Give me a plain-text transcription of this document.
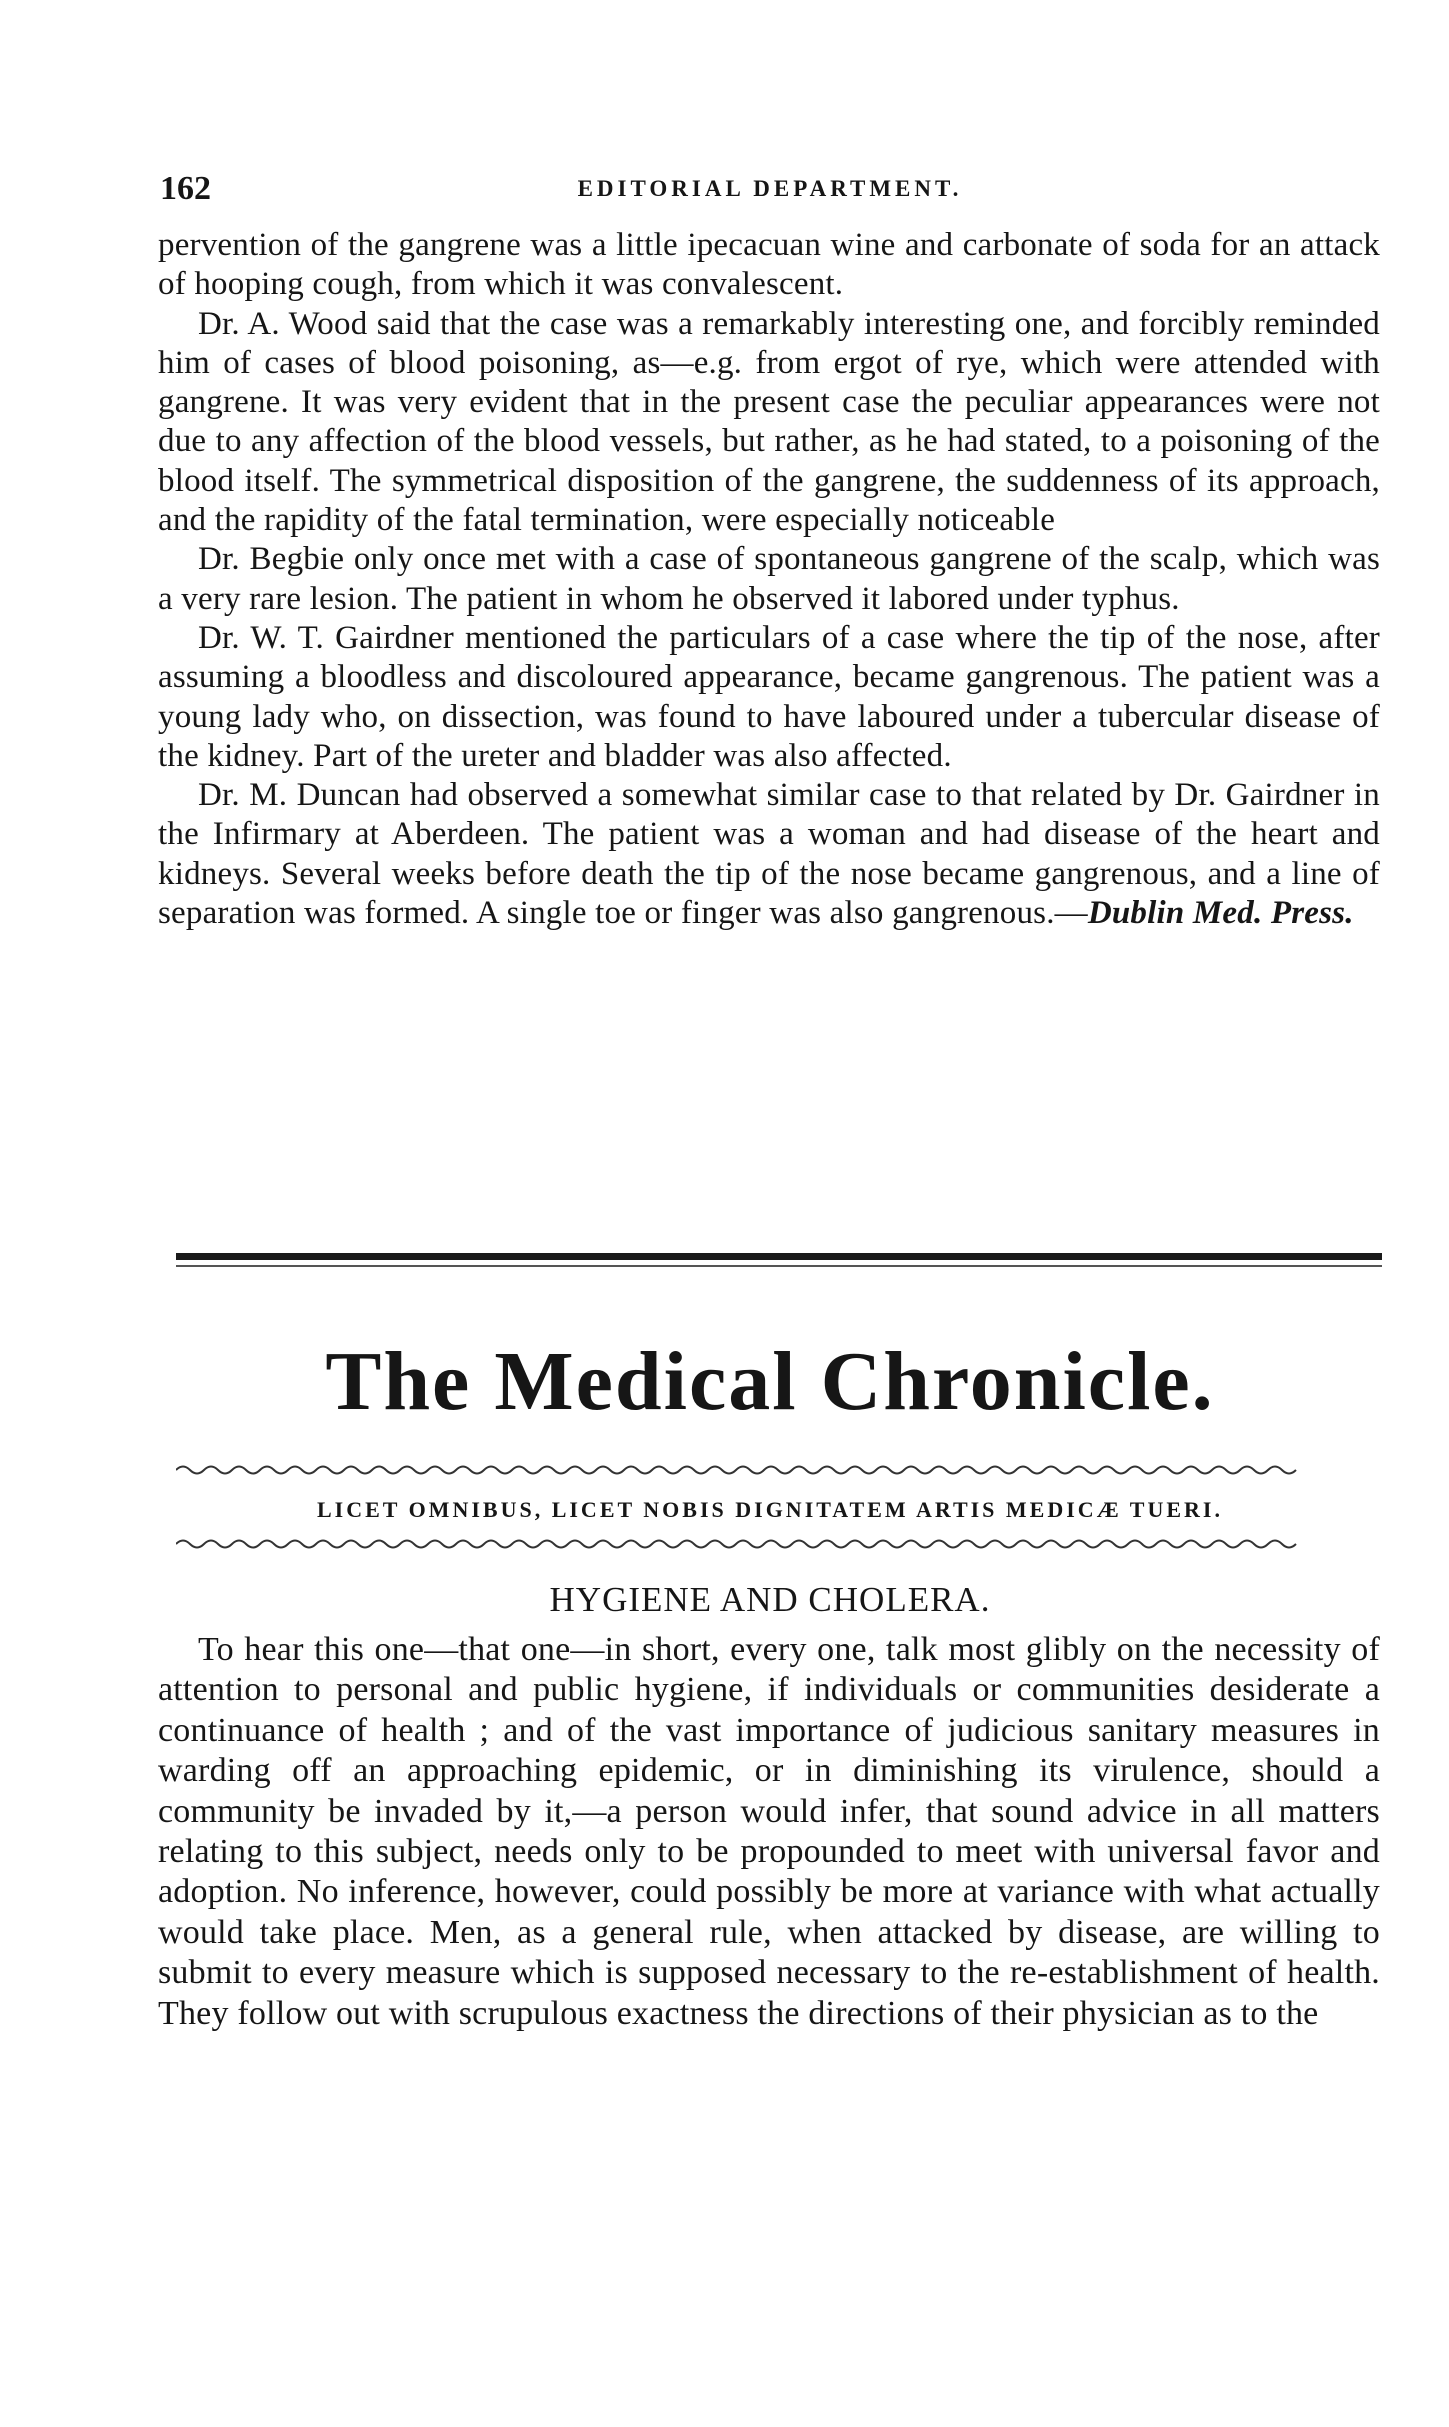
162	EDITORIAL DEPARTMENT.

pervention of the gangrene was a little ipecacuan wine and carbonate of soda for an attack of hooping cough, from which it was convalescent.

Dr. A. Wood said that the case was a remarkably interesting one, and forcibly reminded him of cases of blood poisoning, as—e.g. from ergot of rye, which were attended with gangrene. It was very evident that in the present case the peculiar appearances were not due to any affection of the blood vessels, but rather, as he had stated, to a poisoning of the blood itself. The symmetrical disposition of the gangrene, the suddenness of its approach, and the rapidity of the fatal termination, were especially noticeable

Dr. Begbie only once met with a case of spontaneous gangrene of the scalp, which was a very rare lesion. The patient in whom he observed it labored under typhus.

Dr. W. T. Gairdner mentioned the particulars of a case where the tip of the nose, after assuming a bloodless and discoloured appearance, became gangrenous. The patient was a young lady who, on dissection, was found to have laboured under a tubercular disease of the kidney. Part of the ureter and bladder was also affected.

Dr. M. Duncan had observed a somewhat similar case to that related by Dr. Gairdner in the Infirmary at Aberdeen. The patient was a woman and had disease of the heart and kidneys. Several weeks before death the tip of the nose became gangrenous, and a line of separation was formed. A single toe or finger was also gangrenous.—Dublin Med. Press.

The Medical Chronicle.
LICET OMNIBUS, LICET NOBIS DIGNITATEM ARTIS MEDICÆ TUERI.
HYGIENE AND CHOLERA.

To hear this one—that one—in short, every one, talk most glibly on the necessity of attention to personal and public hygiene, if individuals or communities desiderate a continuance of health ; and of the vast importance of judicious sanitary measures in warding off an approaching epidemic, or in diminishing its virulence, should a community be invaded by it,—a person would infer, that sound advice in all matters relating to this subject, needs only to be propounded to meet with universal favor and adoption. No inference, however, could possibly be more at variance with what actually would take place. Men, as a general rule, when attacked by disease, are willing to submit to every measure which is supposed necessary to the re-establishment of health. They follow out with scrupulous exactness the directions of their physician as to the
